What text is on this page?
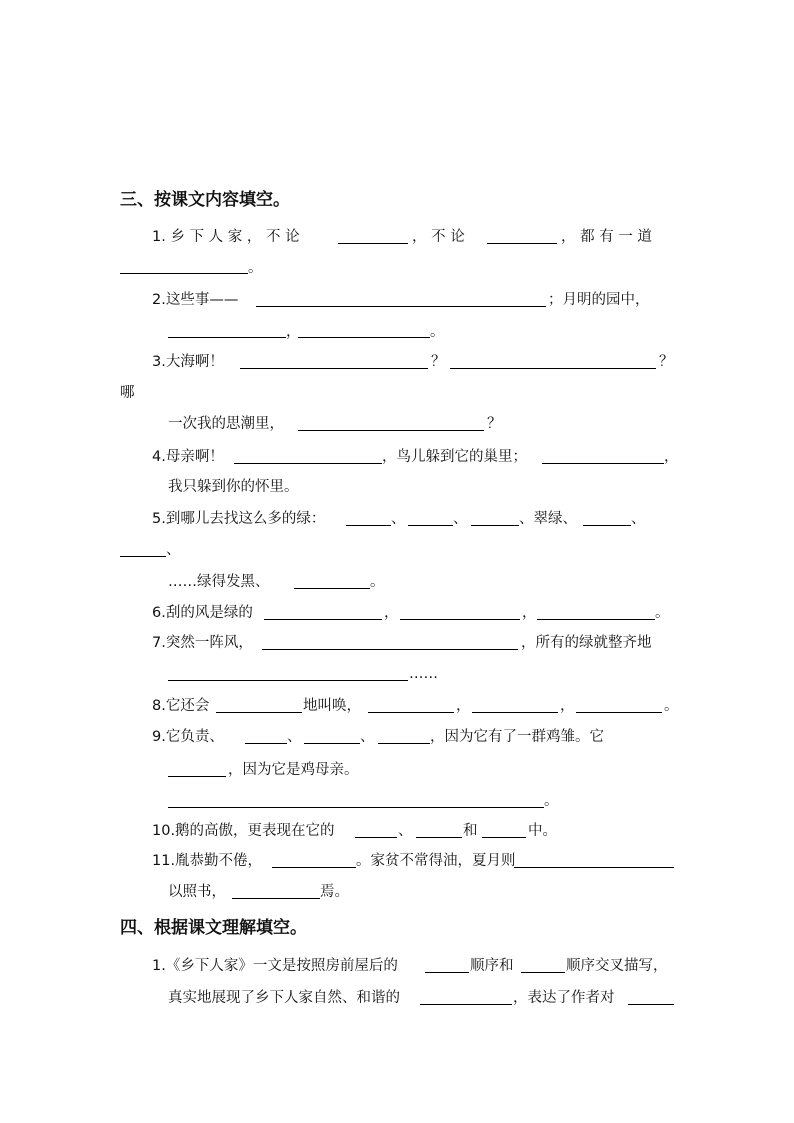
三、按课文内容填空。
1. 乡 下 人 家 ， 不 论	， 不 论	， 都 有 一 道
。
2.这些事——	；月明的园中，
，	。
3.大海啊！	？	？
哪
一次我的思潮里，	？
4.母亲啊！	，鸟儿躲到它的巢里；	，
我只躲到你的怀里。
5.到哪儿去找这么多的绿：	、	、	、翠绿、	、
、
……绿得发黑、	。
6.刮的风是绿的	，	，	。
7.突然一阵风，	，所有的绿就整齐地
……
8.它还会	地叫唤，	，	，	。
9.它负责、	、	、	，因为它有了一群鸡雏。它
，因为它是鸡母亲。
。
10.鹅的高傲，更表现在它的	、	和	中。
11.胤恭勤不倦，	。家贫不常得油，夏月则
以照书，	焉。
四、根据课文理解填空。
1.《乡下人家》一文是按照房前屋后的	顺序和	顺序交叉描写，
真实地展现了乡下人家自然、和谐的	，表达了作者对
